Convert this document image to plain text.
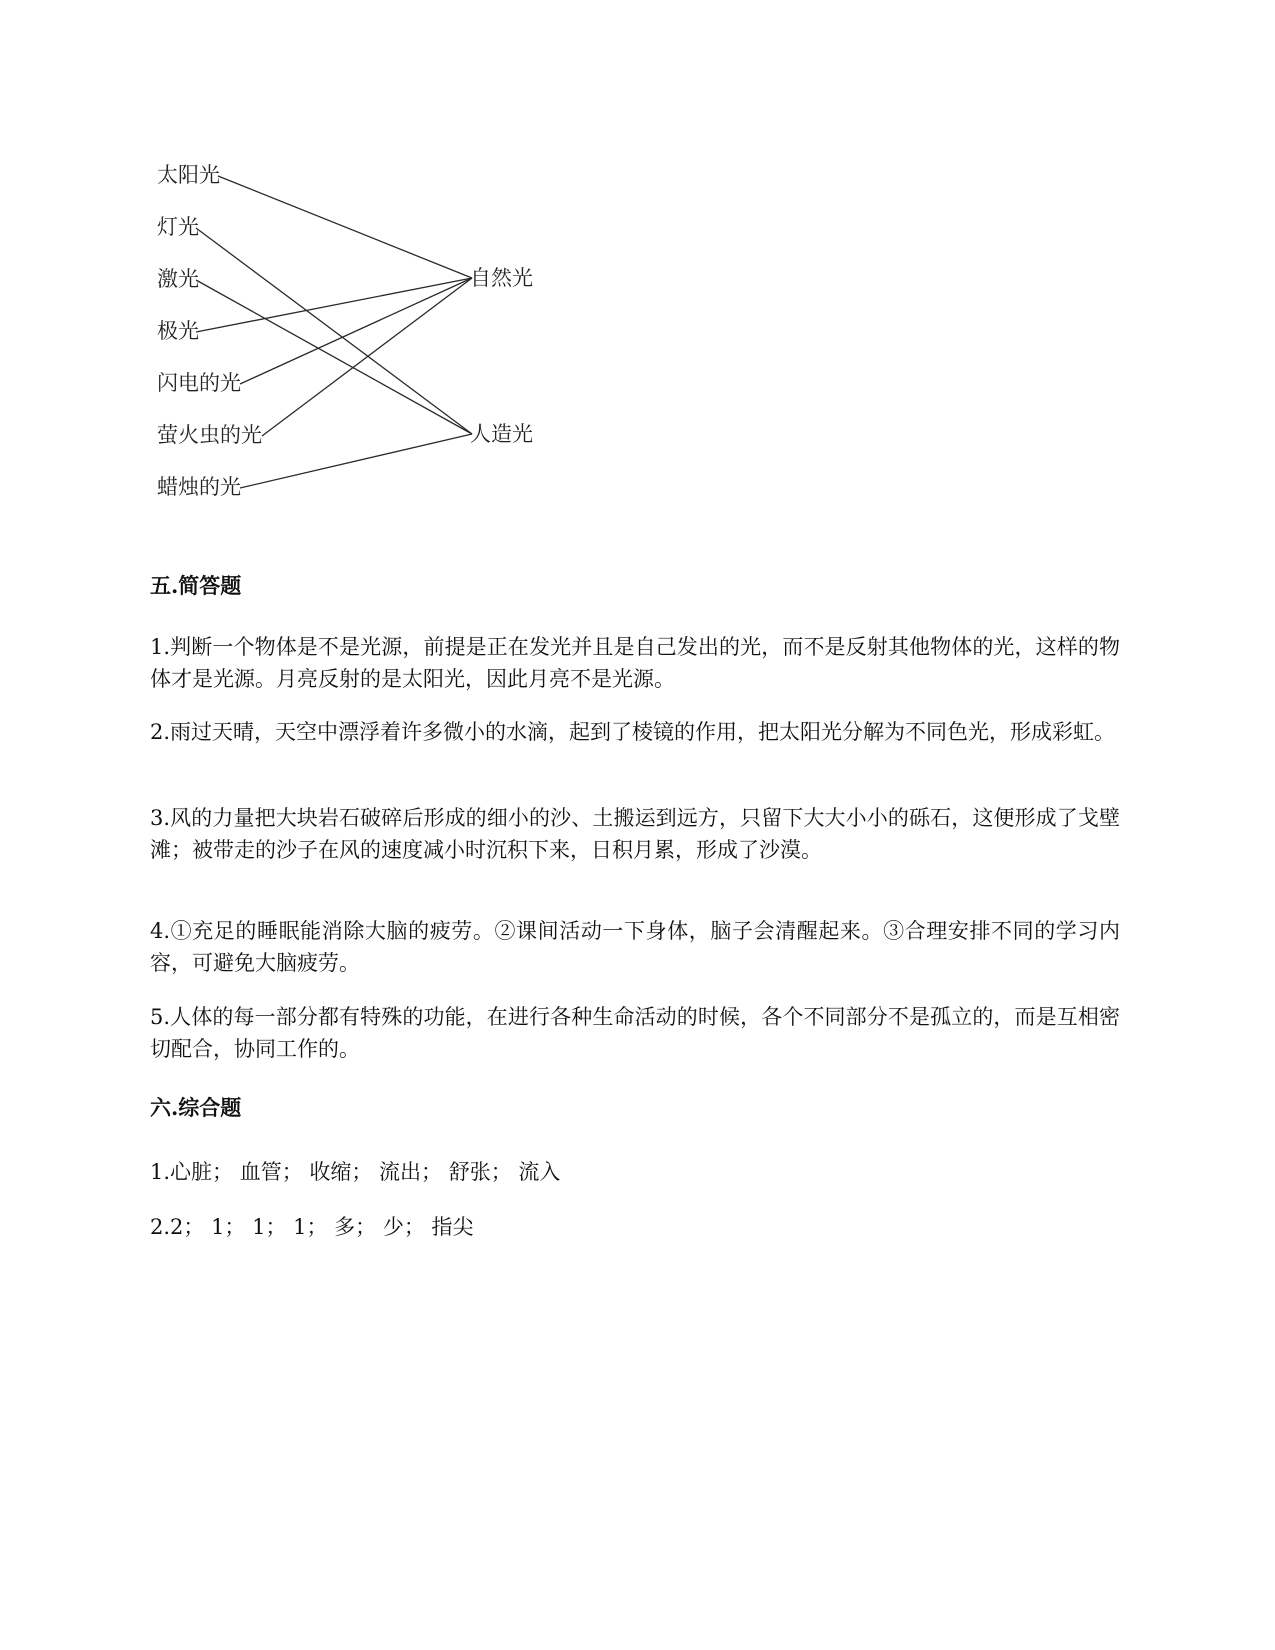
太阳光
灯光
激光
极光
闪电的光
萤火虫的光
蜡烛的光
自然光
人造光
五.简答题
1.判断一个物体是不是光源，前提是正在发光并且是自己发出的光，而不是反射其他物体的光，这样的物体才是光源。月亮反射的是太阳光，因此月亮不是光源。
2.雨过天晴，天空中漂浮着许多微小的水滴，起到了棱镜的作用，把太阳光分解为不同色光，形成彩虹。
3.风的力量把大块岩石破碎后形成的细小的沙、土搬运到远方，只留下大大小小的砾石，这便形成了戈壁滩；被带走的沙子在风的速度减小时沉积下来，日积月累，形成了沙漠。
4.①充足的睡眠能消除大脑的疲劳。②课间活动一下身体，脑子会清醒起来。③合理安排不同的学习内容，可避免大脑疲劳。
5.人体的每一部分都有特殊的功能，在进行各种生命活动的时候，各个不同部分不是孤立的，而是互相密切配合，协同工作的。
六.综合题
1.心脏； 血管； 收缩； 流出； 舒张； 流入
2.2； 1； 1； 1； 多； 少； 指尖
